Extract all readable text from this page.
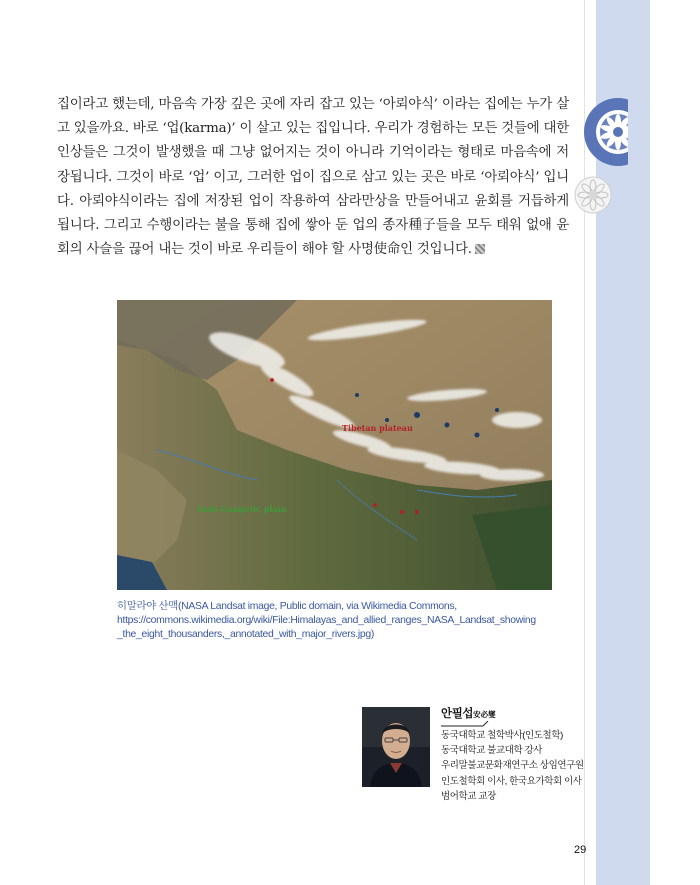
집이라고 했는데, 마음속 가장 깊은 곳에 자리 잡고 있는 ‘아뢰야식’ 이라는 집에는 누가 살고 있을까요. 바로 ‘업(karma)’ 이 살고 있는 집입니다. 우리가 경험하는 모든 것들에 대한 인상들은 그것이 발생했을 때 그냥 없어지는 것이 아니라 기억이라는 형태로 마음속에 저장됩니다. 그것이 바로 ‘업’ 이고, 그러한 업이 집으로 삼고 있는 곳은 바로 ‘아뢰야식’ 입니다. 아뢰야식이라는 집에 저장된 업이 작용하여 삼라만상을 만들어내고 윤회를 거듭하게 됩니다. 그리고 수행이라는 불을 통해 집에 쌓아 둔 업의 종자種子들을 모두 태워 없애 윤회의 사슬을 끊어 내는 것이 바로 우리들이 해야 할 사명使命인 것입니다.

Tibetan plateau
Indo-Gangetic plain
히말라야 산맥(NASA Landsat image, Public domain, via Wikimedia Commons,
https://commons.wikimedia.org/wiki/File:Himalayas_and_allied_ranges_NASA_Landsat_showing
_the_eight_thousanders,_annotated_with_major_rivers.jpg)
안필섭安必燮
동국대학교 철학박사(인도철학)
동국대학교 불교대학 강사
우리말불교문화재연구소 상임연구원
인도철학회 이사, 한국요가학회 이사
범어학교 교장
29
